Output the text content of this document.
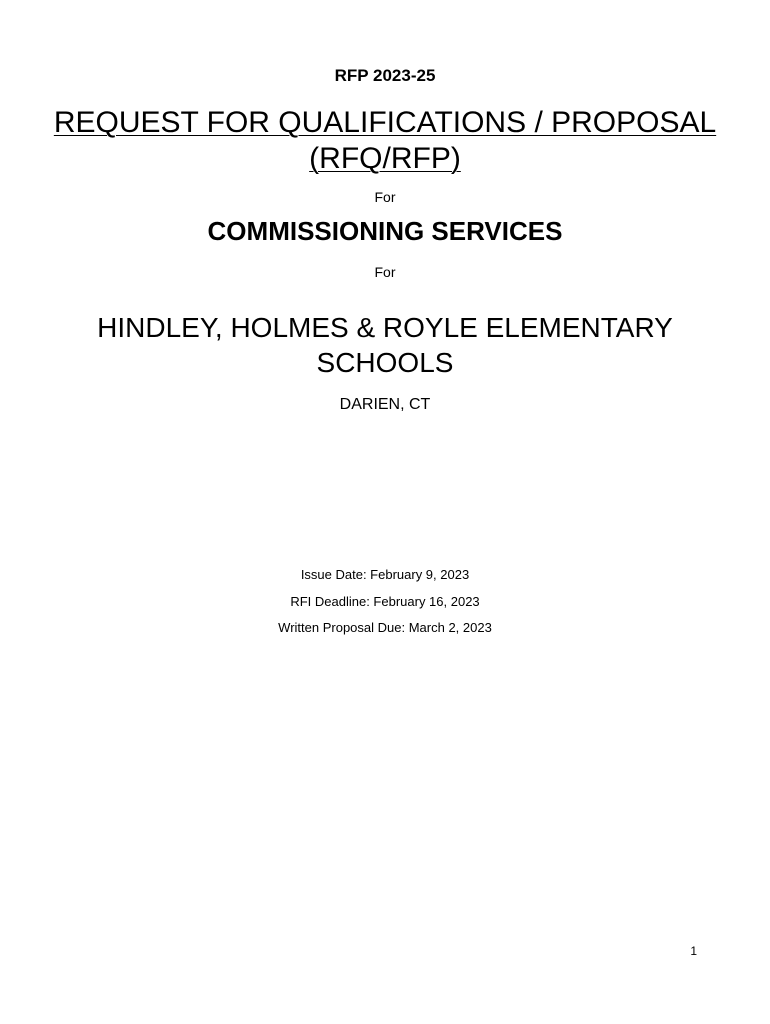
RFP 2023-25
REQUEST FOR QUALIFICATIONS / PROPOSAL
(RFQ/RFP)
For
COMMISSIONING SERVICES
For
HINDLEY, HOLMES & ROYLE ELEMENTARY
SCHOOLS
DARIEN, CT
Issue Date: February 9, 2023
RFI Deadline: February 16, 2023
Written Proposal Due: March 2, 2023
1
